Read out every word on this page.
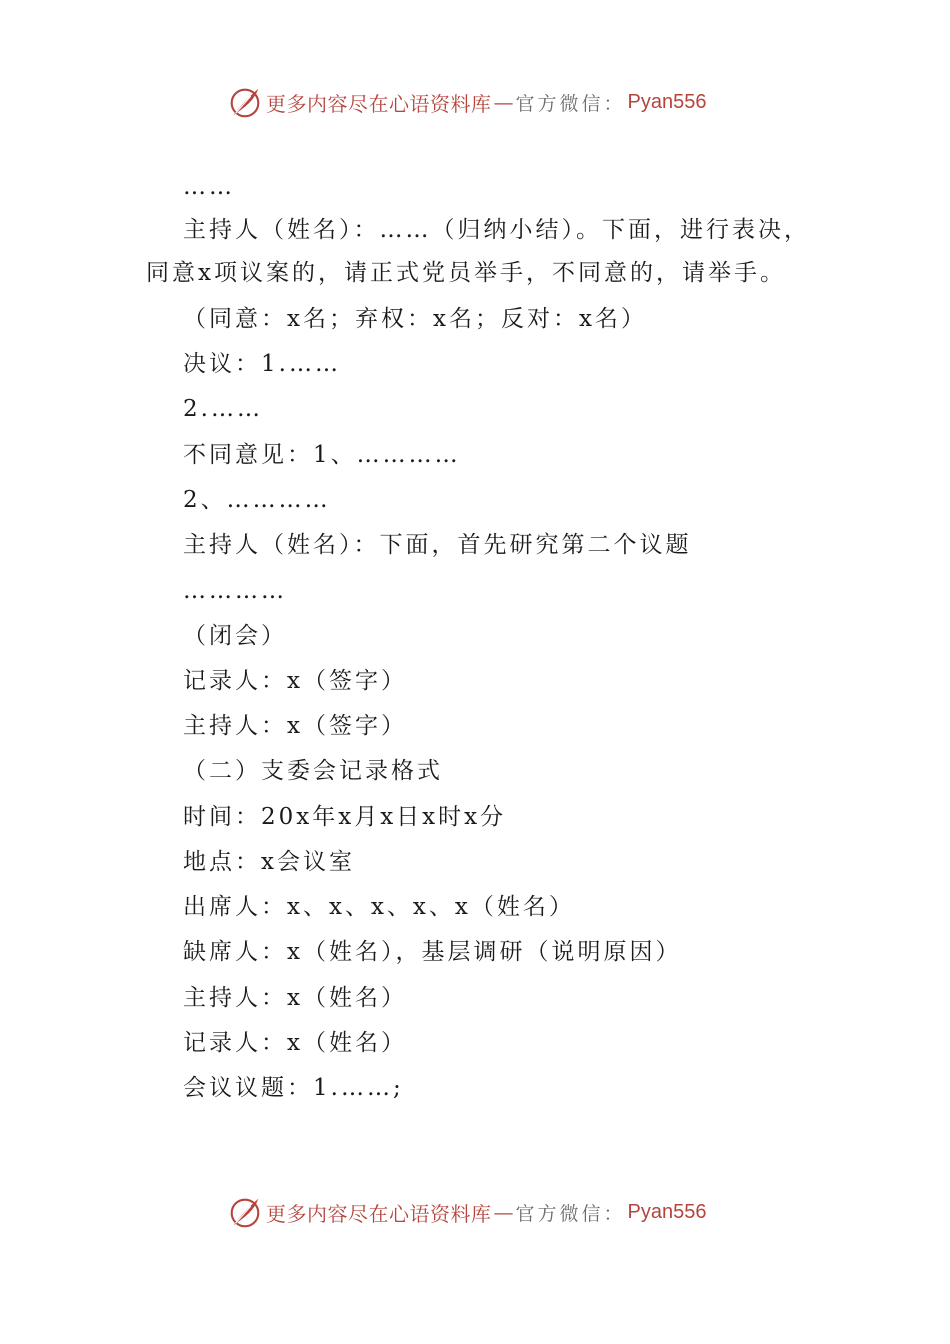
更多内容尽在心语资料库 — 官方微信： Pyan556
……
主持人（姓名）：……（归纳小结）。下面，进行表决，
同意x项议案的，请正式党员举手，不同意的，请举手。
（同意：x名；弃权：x名；反对：x名）
决议：1.……
2.……
不同意见：1、…………
2、…………
主持人（姓名）：下面，首先研究第二个议题
…………
（闭会）
记录人：x（签字）
主持人：x（签字）
（二）支委会记录格式
时间：20x年x月x日x时x分
地点：x会议室
出席人：x、x、x、x、x（姓名）
缺席人：x（姓名），基层调研（说明原因）
主持人：x（姓名）
记录人：x（姓名）
会议议题：1.……;
更多内容尽在心语资料库 — 官方微信： Pyan556
